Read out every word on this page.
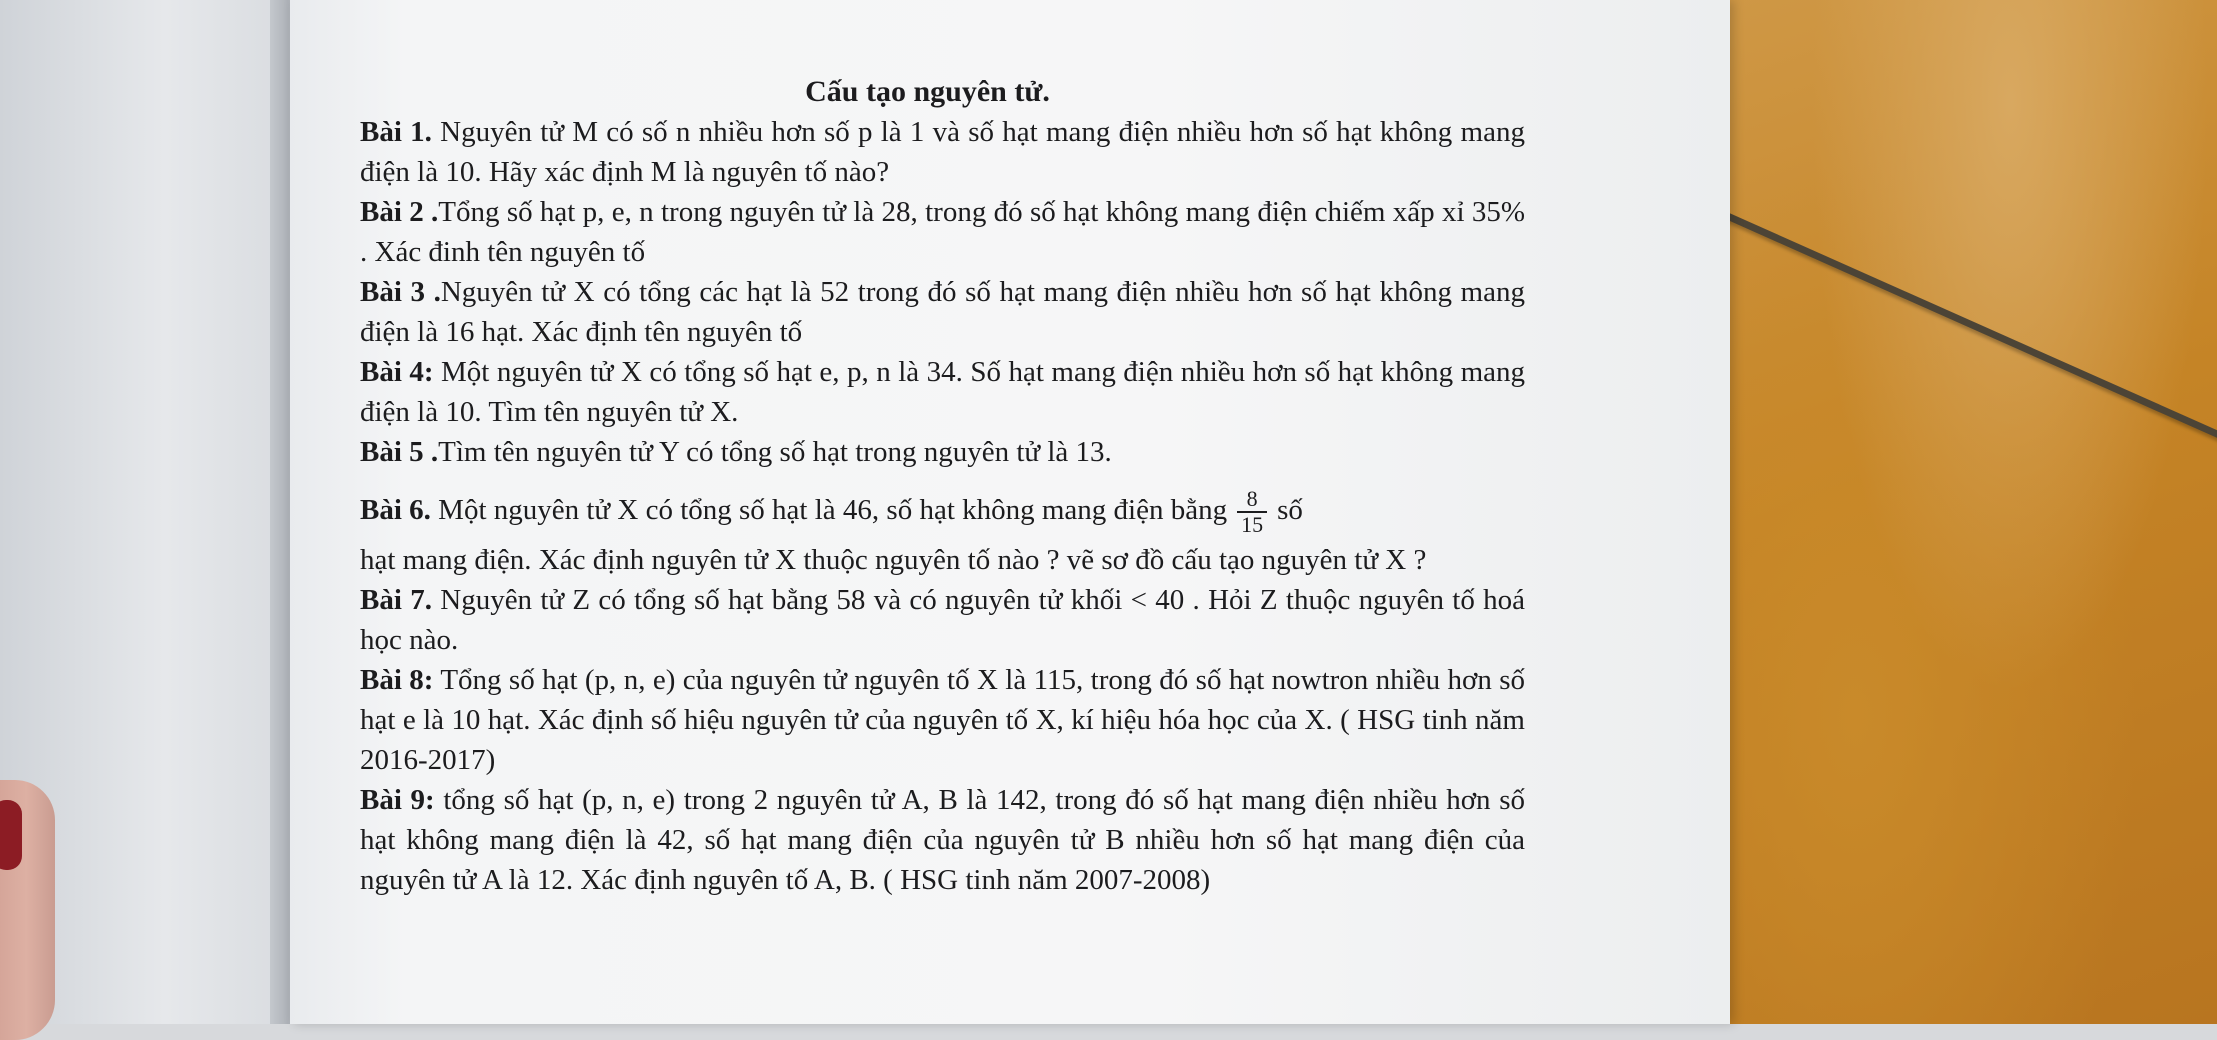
Cấu tạo nguyên tử.

Bài 1. Nguyên tử M có số n nhiều hơn số p là 1 và số hạt mang điện nhiều hơn số hạt không mang điện là 10. Hãy xác định M là nguyên tố nào?

Bài 2 .Tổng số hạt p, e, n trong nguyên tử là 28, trong đó số hạt không mang điện chiếm xấp xỉ 35% . Xác đinh tên nguyên tố

Bài 3 .Nguyên tử X có tổng các hạt là 52 trong đó số hạt mang điện nhiều hơn số hạt không mang điện là 16 hạt. Xác định tên nguyên tố

Bài 4: Một nguyên tử X có tổng số hạt e, p, n là 34. Số hạt mang điện nhiều hơn số hạt không mang điện là 10. Tìm tên nguyên tử X.

Bài 5 .Tìm tên nguyên tử Y có tổng số hạt trong nguyên tử là 13.

Bài 6. Một nguyên tử X có tổng số hạt là 46, số hạt không mang điện bằng $\frac{8}{15}$ số
hạt mang điện. Xác định nguyên tử X thuộc nguyên tố nào ? vẽ sơ đồ cấu tạo nguyên tử X ?

Bài 7. Nguyên tử Z có tổng số hạt bằng 58 và có nguyên tử khối < 40 . Hỏi Z thuộc nguyên tố hoá học nào.

Bài 8: Tổng số hạt (p, n, e) của nguyên tử nguyên tố X là 115, trong đó số hạt nowtron nhiều hơn số hạt e là 10 hạt. Xác định số hiệu nguyên tử của nguyên tố X, kí hiệu hóa học của X. ( HSG tinh năm 2016-2017)

Bài 9: tổng số hạt (p, n, e) trong 2 nguyên tử A, B là 142, trong đó số hạt mang điện nhiều hơn số hạt không mang điện là 42, số hạt mang điện của nguyên tử B nhiều hơn số hạt mang điện của nguyên tử A là 12. Xác định nguyên tố A, B. ( HSG tinh năm 2007-2008)
